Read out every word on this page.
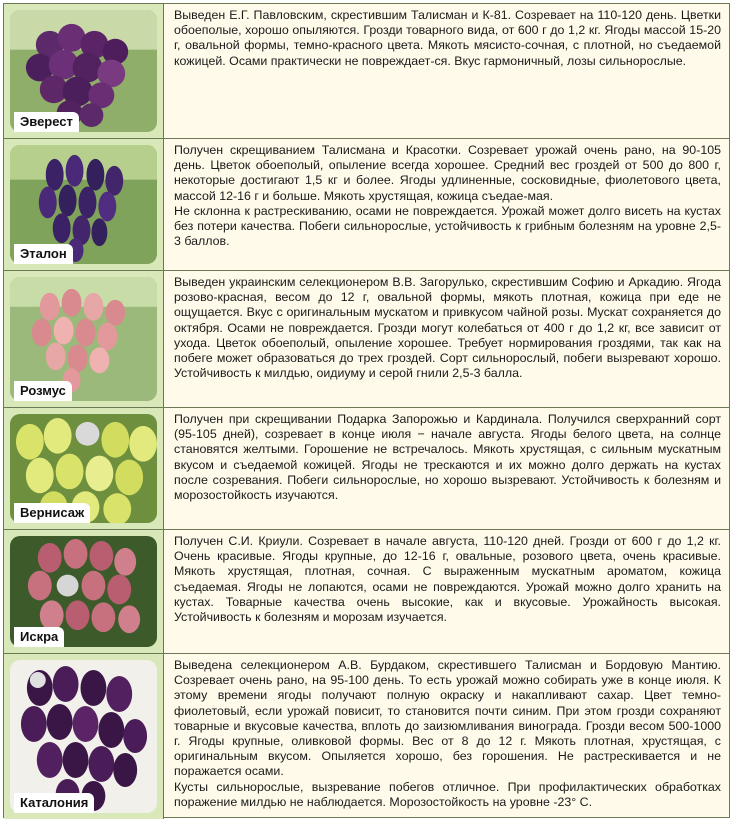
Эверест
Выведен Е.Г. Павловским, скрестившим Талисман и К-81. Созревает на 110-120 день. Цветки обоеполые, хорошо опыляются. Грозди товарного вида, от 600 г до 1,2 кг. Ягоды массой 15-20 г, овальной формы, темно-красного цвета. Мякоть мясисто-сочная, с плотной, но съедаемой кожицей. Осами практически не повреждает-ся. Вкус гармоничный, лозы сильнорослые.
Эталон
Получен скрещиванием Талисмана и Красотки. Созревает урожай очень рано, на 90-105 день. Цветок обоеполый, опыление всегда хорошее. Средний вес гроздей от 500 до 800 г, некоторые достигают 1,5 кг и более. Ягоды удлиненные, сосковидные, фиолетового цвета, массой 12-16 г и больше. Мякоть хрустящая, кожица съедае-мая.
Не склонна к растрескиванию, осами не повреждается. Урожай может долго висеть на кустах без потери качества. Побеги сильнорослые, устойчивость к грибным болезням на уровне 2,5-3 баллов.
Розмус
Выведен украинским селекционером В.В. Загорулько, скрестившим Софию и Аркадию. Ягода розово-красная, весом до 12 г, овальной формы, мякоть плотная, кожица при еде не ощущается. Вкус с оригинальным мускатом и привкусом чайной розы. Мускат сохраняется до октября. Осами не повреждается. Грозди могут колебаться от 400 г до 1,2 кг, все зависит от ухода. Цветок обоеполый, опыление хорошее. Требует нормирования гроздями, так как на побеге может образоваться до трех гроздей. Сорт сильнорослый, побеги вызревают хорошо. Устойчивость к милдью, оидиуму и серой гнили 2,5-3 балла.
Вернисаж
Получен при скрещивании Подарка Запорожью и Кардинала. Получился сверхранний сорт (95-105 дней), созревает в конце июля − начале августа. Ягоды белого цвета, на солнце становятся желтыми. Горошение не встречалось. Мякоть хрустящая, с сильным мускатным вкусом и съедаемой кожицей. Ягоды не трескаются и их можно долго держать на кустах после созревания. Побеги сильнорослые, но хорошо вызревают. Устойчивость к болезням и морозостойкость изучаются.
Искра
Получен С.И. Криули. Созревает в начале августа, 110-120 дней. Грозди от 600 г до 1,2 кг. Очень красивые. Ягоды крупные, до 12-16 г, овальные, розового цвета, очень красивые. Мякоть хрустящая, плотная, сочная. С выраженным мускатным ароматом, кожица съедаемая. Ягоды не лопаются, осами не повреждаются. Урожай можно долго хранить на кустах. Товарные качества очень высокие, как и вкусовые. Урожайность высокая. Устойчивость к болезням и морозам изучается.
Каталония
Выведена селекционером А.В. Бурдаком, скрестившего Талисман и Бордовую Мантию. Созревает очень рано, на 95-100 день. То есть урожай можно собирать уже в конце июля. К этому времени ягоды получают полную окраску и накапливают сахар. Цвет темно-фиолетовый, если урожай повисит, то становится почти синим. При этом грозди сохраняют товарные и вкусовые качества, вплоть до заизюмливания винограда. Грозди весом 500-1000 г. Ягоды крупные, оливковой формы. Вес от 8 до 12 г. Мякоть плотная, хрустящая, с оригинальным вкусом. Опыляется хорошо, без горошения. Не растрескивается и не поражается осами.
Кусты сильнорослые, вызревание побегов отличное. При профилактических обработках поражение милдью не наблюдается. Морозостойкость на уровне -23° С.
